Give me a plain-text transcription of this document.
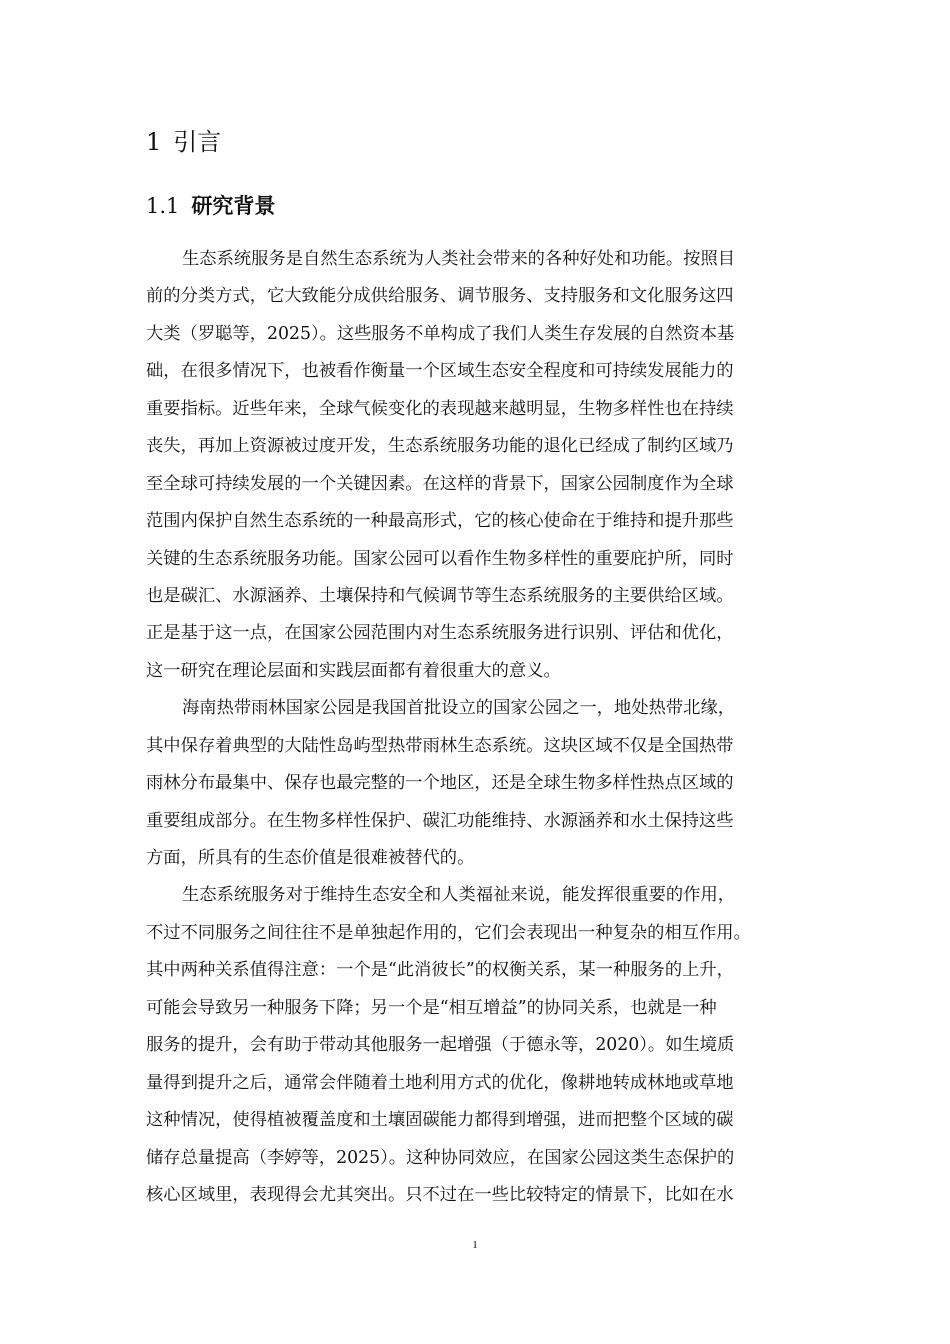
1 引言
1.1 研究背景
生态系统服务是自然生态系统为人类社会带来的各种好处和功能。按照目
前的分类方式，它大致能分成供给服务、调节服务、支持服务和文化服务这四
大类（罗聪等，2025）。这些服务不单构成了我们人类生存发展的自然资本基
础，在很多情况下，也被看作衡量一个区域生态安全程度和可持续发展能力的
重要指标。近些年来，全球气候变化的表现越来越明显，生物多样性也在持续
丧失，再加上资源被过度开发，生态系统服务功能的退化已经成了制约区域乃
至全球可持续发展的一个关键因素。在这样的背景下，国家公园制度作为全球
范围内保护自然生态系统的一种最高形式，它的核心使命在于维持和提升那些
关键的生态系统服务功能。国家公园可以看作生物多样性的重要庇护所，同时
也是碳汇、水源涵养、土壤保持和气候调节等生态系统服务的主要供给区域。
正是基于这一点，在国家公园范围内对生态系统服务进行识别、评估和优化，
这一研究在理论层面和实践层面都有着很重大的意义。
海南热带雨林国家公园是我国首批设立的国家公园之一，地处热带北缘，
其中保存着典型的大陆性岛屿型热带雨林生态系统。这块区域不仅是全国热带
雨林分布最集中、保存也最完整的一个地区，还是全球生物多样性热点区域的
重要组成部分。在生物多样性保护、碳汇功能维持、水源涵养和水土保持这些
方面，所具有的生态价值是很难被替代的。
生态系统服务对于维持生态安全和人类福祉来说，能发挥很重要的作用，
不过不同服务之间往往不是单独起作用的，它们会表现出一种复杂的相互作用。
其中两种关系值得注意：一个是“此消彼长”的权衡关系，某一种服务的上升，
可能会导致另一种服务下降；另一个是“相互增益”的协同关系，也就是一种
服务的提升，会有助于带动其他服务一起增强（于德永等，2020）。如生境质
量得到提升之后，通常会伴随着土地利用方式的优化，像耕地转成林地或草地
这种情况，使得植被覆盖度和土壤固碳能力都得到增强，进而把整个区域的碳
储存总量提高（李婷等，2025）。这种协同效应，在国家公园这类生态保护的
核心区域里，表现得会尤其突出。只不过在一些比较特定的情景下，比如在水
1
